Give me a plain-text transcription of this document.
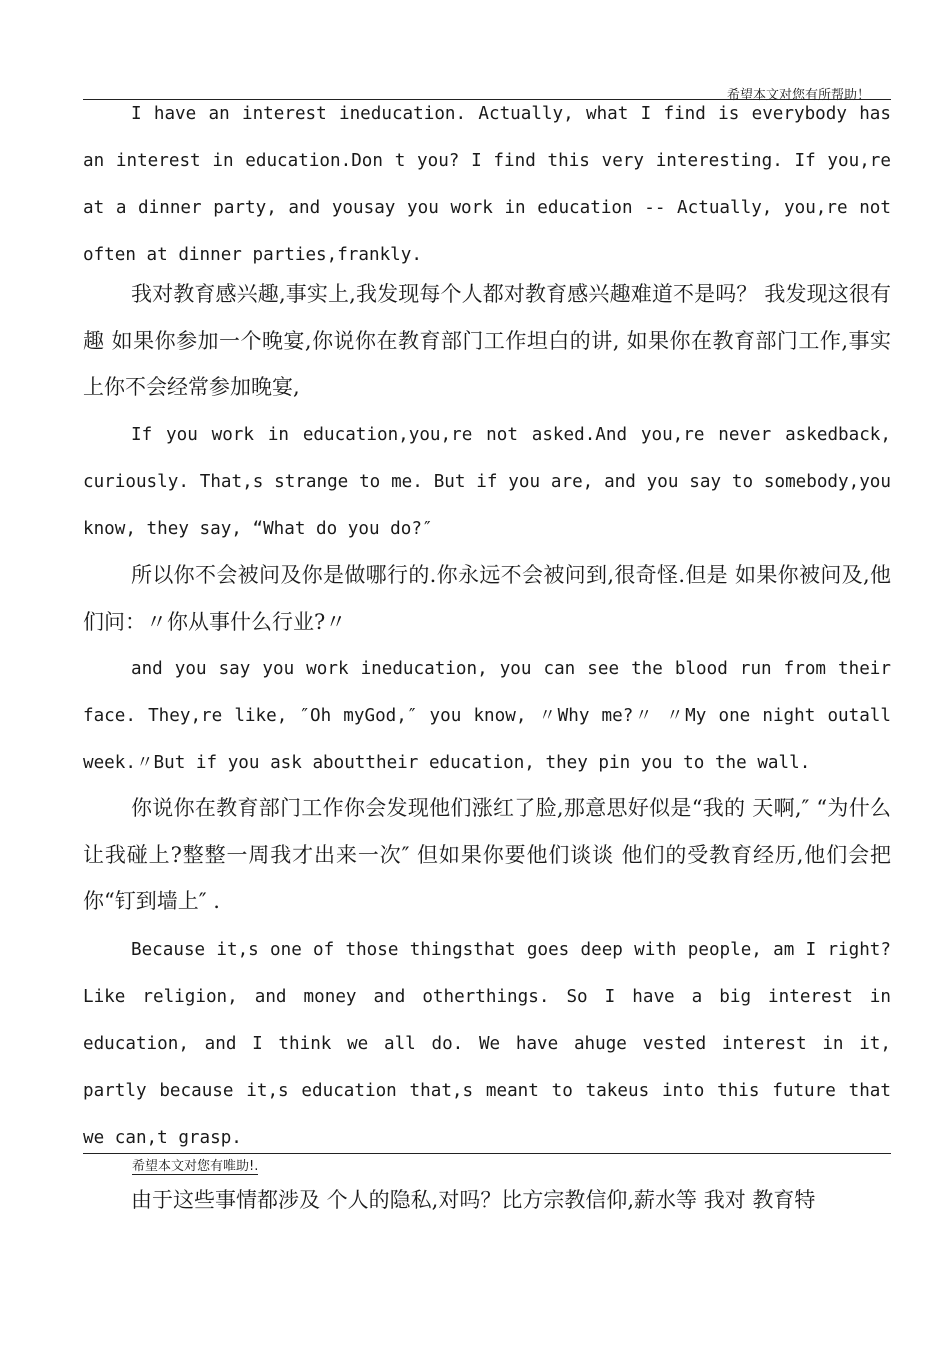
希望本文对您有所帮助！

I have an interest ineducation. Actually, what I find is everybody has an interest in education.Don t you? I find this very interesting. If you,re at a dinner party, and yousay you work in education -- Actually, you,re not often at dinner parties,frankly.

我对教育感兴趣,事实上,我发现每个人都对教育感兴趣难道不是吗？ 我发现这很有趣 如果你参加一个晚宴,你说你在教育部门工作坦白的讲, 如果你在教育部门工作,事实上你不会经常参加晚宴,

If you work in education,you,re not asked.And you,re never askedback, curiously. That,s strange to me. But if you are, and you say to somebody,you know, they say, “What do you do?″

所以你不会被问及你是做哪行的.你永远不会被问到,很奇怪.但是 如果你被问及,他们问：〃你从事什么行业?〃

and you say you work ineducation, you can see the blood run from their face. They,re like, ″Oh myGod,″ you know, 〃Why me?〃 〃My one night outall week.〃But if you ask abouttheir education, they pin you to the wall.

你说你在教育部门工作你会发现他们涨红了脸,那意思好似是“我的 天啊,″ “为什么让我碰上?整整一周我才出来一次″ 但如果你要他们谈谈 他们的受教育经历,他们会把你“钉到墙上″ .

Because it,s one of those thingsthat goes deep with people, am I right? Like religion, and money and otherthings. So I have a big interest in education, and I think we all do. We have ahuge vested interest in it, partly because it,s education that,s meant to takeus into this future that we can,t grasp.

由于这些事情都涉及 个人的隐私,对吗？比方宗教信仰,薪水等 我对 教育特

希望本文对您有唯助!.
